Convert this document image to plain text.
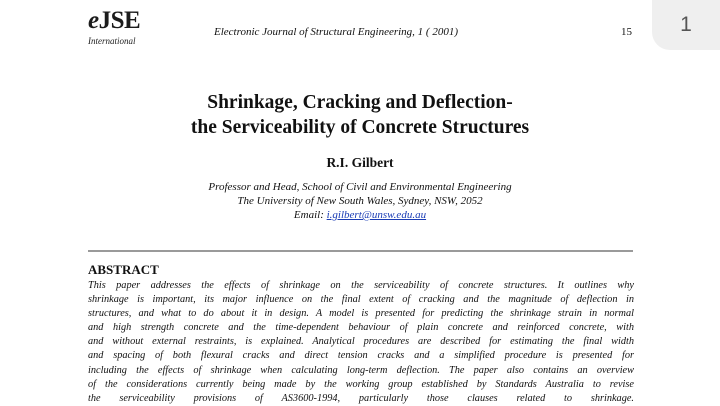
eJSE
International
Electronic Journal of Structural Engineering, 1 ( 2001)	15	1
Shrinkage, Cracking and Deflection-
the Serviceability of Concrete Structures
R.I. Gilbert
Professor and Head, School of Civil and Environmental Engineering
The University of New South Wales, Sydney, NSW, 2052
Email: i.gilbert@unsw.edu.au
ABSTRACT
This paper addresses the effects of shrinkage on the serviceability of concrete structures. It outlines why
shrinkage is important, its major influence on the final extent of cracking and the magnitude of deflection in
structures, and what to do about it in design. A model is presented for predicting the shrinkage strain in normal
and high strength concrete and the time-dependent behaviour of plain concrete and reinforced concrete, with
and without external restraints, is explained. Analytical procedures are described for estimating the final width
and spacing of both flexural cracks and direct tension cracks and a simplified procedure is presented for
including the effects of shrinkage when calculating long-term deflection. The paper also contains an overview
of the considerations currently being made by the working group established by Standards Australia to revise
the serviceability provisions of AS3600-1994, particularly those clauses related to shrinkage.
